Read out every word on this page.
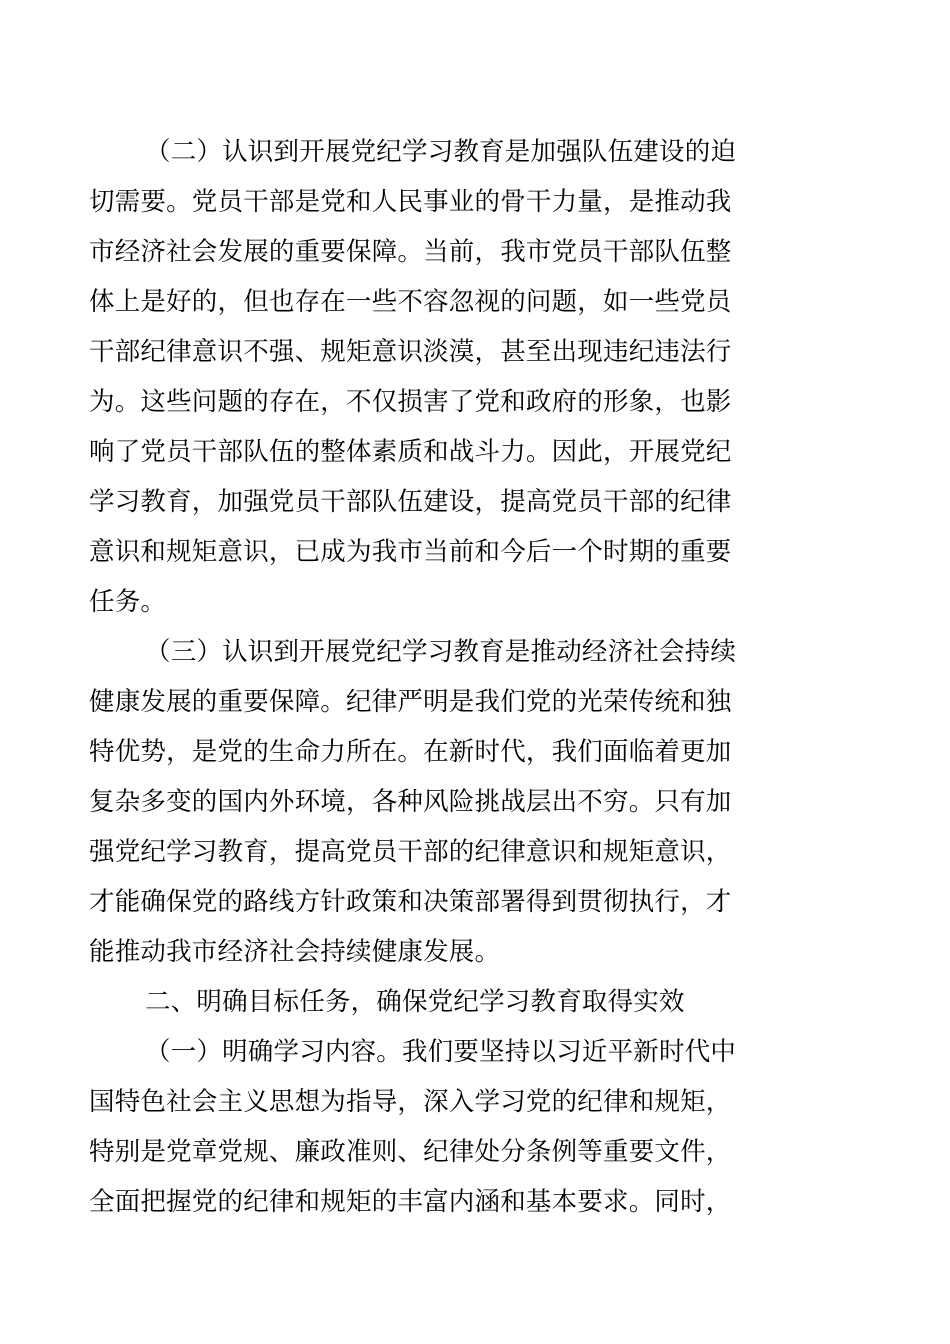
（二）认识到开展党纪学习教育是加强队伍建设的迫
切需要。党员干部是党和人民事业的骨干力量，是推动我
市经济社会发展的重要保障。当前，我市党员干部队伍整
体上是好的，但也存在一些不容忽视的问题，如一些党员
干部纪律意识不强、规矩意识淡漠，甚至出现违纪违法行
为。这些问题的存在，不仅损害了党和政府的形象，也影
响了党员干部队伍的整体素质和战斗力。因此，开展党纪
学习教育，加强党员干部队伍建设，提高党员干部的纪律
意识和规矩意识，已成为我市当前和今后一个时期的重要
任务。

（三）认识到开展党纪学习教育是推动经济社会持续
健康发展的重要保障。纪律严明是我们党的光荣传统和独
特优势，是党的生命力所在。在新时代，我们面临着更加
复杂多变的国内外环境，各种风险挑战层出不穷。只有加
强党纪学习教育，提高党员干部的纪律意识和规矩意识，
才能确保党的路线方针政策和决策部署得到贯彻执行，才
能推动我市经济社会持续健康发展。

二、明确目标任务，确保党纪学习教育取得实效

（一）明确学习内容。我们要坚持以习近平新时代中
国特色社会主义思想为指导，深入学习党的纪律和规矩，
特别是党章党规、廉政准则、纪律处分条例等重要文件，
全面把握党的纪律和规矩的丰富内涵和基本要求。同时，
